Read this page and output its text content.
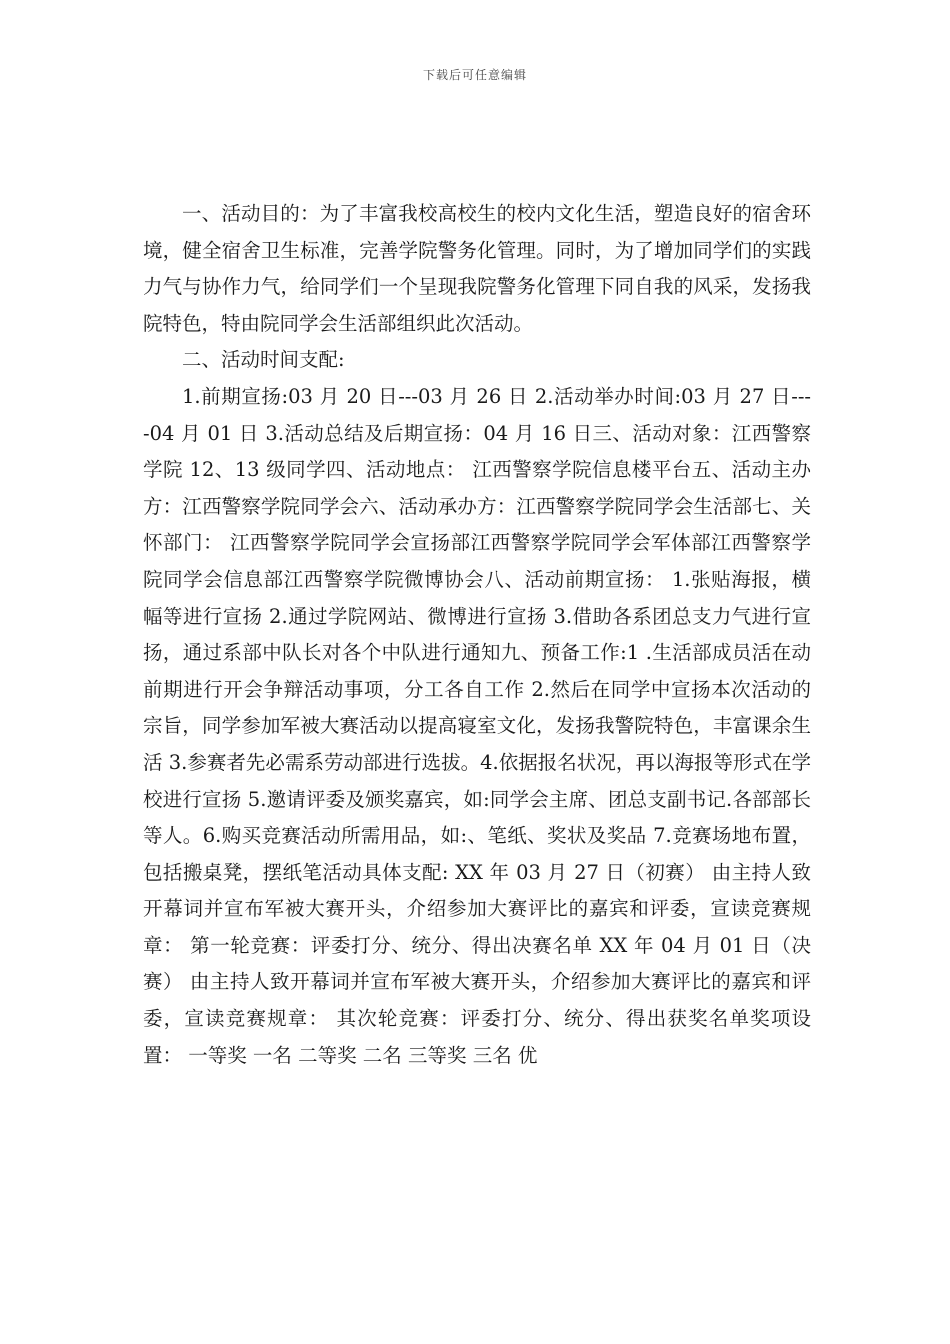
下载后可任意编辑

一、活动目的：为了丰富我校高校生的校内文化生活，塑造良好的宿舍环境，健全宿舍卫生标准，完善学院警务化管理。同时，为了增加同学们的实践力气与协作力气，给同学们一个呈现我院警务化管理下同自我的风采，发扬我院特色，特由院同学会生活部组织此次活动。

二、活动时间支配:

1.前期宣扬:03 月 20 日---03 月 26 日 2.活动举办时间:03 月 27 日----04 月 01 日 3.活动总结及后期宣扬：04 月 16 日三、活动对象：江西警察学院 12、13 级同学四、活动地点： 江西警察学院信息楼平台五、活动主办方：江西警察学院同学会六、活动承办方：江西警察学院同学会生活部七、关怀部门： 江西警察学院同学会宣扬部江西警察学院同学会军体部江西警察学院同学会信息部江西警察学院微博协会八、活动前期宣扬： 1.张贴海报，横幅等进行宣扬 2.通过学院网站、微博进行宣扬 3.借助各系团总支力气进行宣扬，通过系部中队长对各个中队进行通知九、预备工作:1 .生活部成员活在动前期进行开会争辩活动事项，分工各自工作 2.然后在同学中宣扬本次活动的宗旨，同学参加军被大赛活动以提高寝室文化，发扬我警院特色，丰富课余生活 3.参赛者先必需系劳动部进行选拔。4.依据报名状况，再以海报等形式在学校进行宣扬 5.邀请评委及颁奖嘉宾，如:同学会主席、团总支副书记.各部部长等人。6.购买竞赛活动所需用品，如:、笔纸、奖状及奖品 7.竞赛场地布置，包括搬桌凳，摆纸笔活动具体支配: XX 年 03 月 27 日（初赛） 由主持人致开幕词并宣布军被大赛开头，介绍参加大赛评比的嘉宾和评委，宣读竞赛规章： 第一轮竞赛：评委打分、统分、得出决赛名单 XX 年 04 月 01 日（决赛） 由主持人致开幕词并宣布军被大赛开头，介绍参加大赛评比的嘉宾和评委，宣读竞赛规章： 其次轮竞赛：评委打分、统分、得出获奖名单奖项设置： 一等奖 一名 二等奖 二名 三等奖 三名 优
